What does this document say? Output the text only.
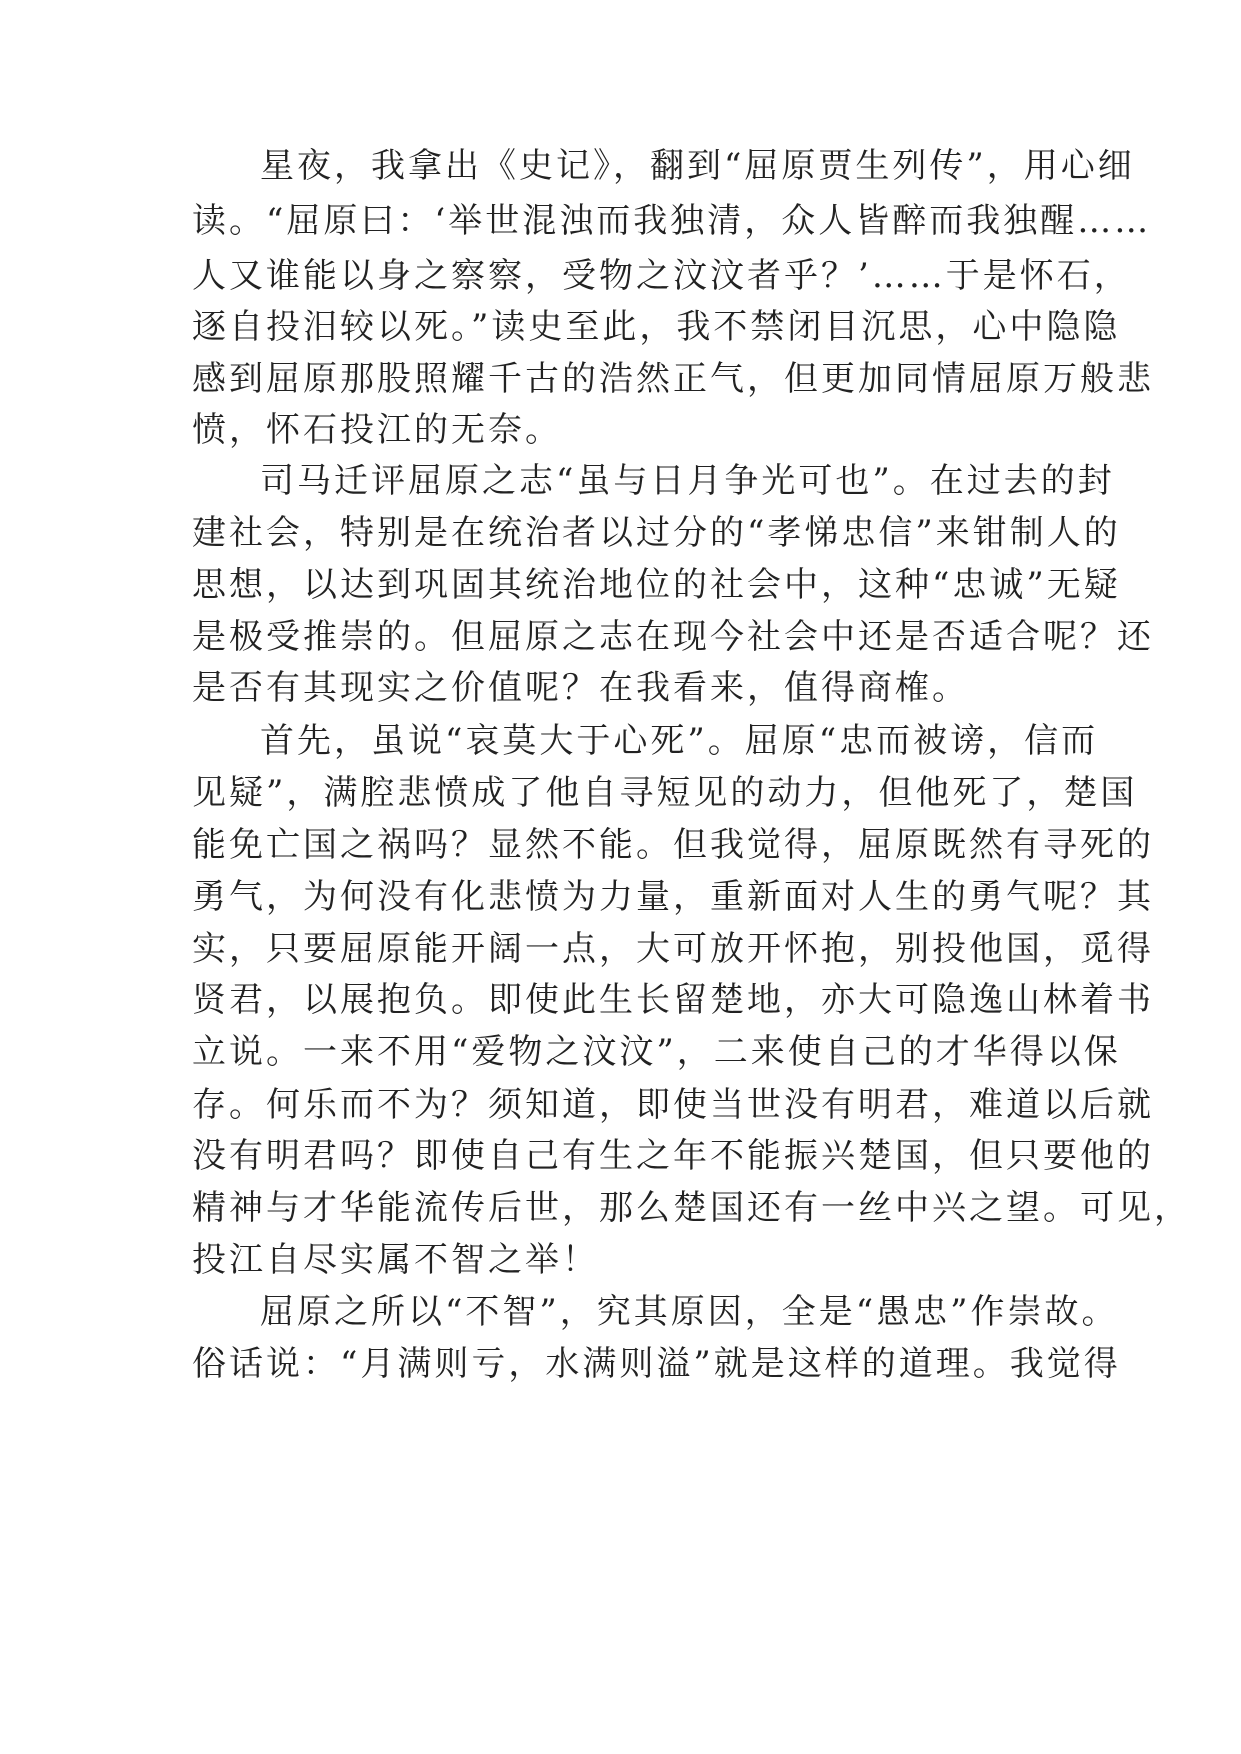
星夜，我拿出《史记》，翻到“屈原贾生列传”，用心细
读。“屈原曰：‘举世混浊而我独清，众人皆醉而我独醒……
人又谁能以身之察察，受物之汶汶者乎？’……于是怀石，
逐自投汨较以死。”读史至此，我不禁闭目沉思，心中隐隐
感到屈原那股照耀千古的浩然正气，但更加同情屈原万般悲
愤，怀石投江的无奈。
司马迁评屈原之志“虽与日月争光可也”。在过去的封
建社会，特别是在统治者以过分的“孝悌忠信”来钳制人的
思想，以达到巩固其统治地位的社会中，这种“忠诚”无疑
是极受推崇的。但屈原之志在现今社会中还是否适合呢？还
是否有其现实之价值呢？在我看来，值得商榷。
首先，虽说“哀莫大于心死”。屈原“忠而被谤，信而
见疑”，满腔悲愤成了他自寻短见的动力，但他死了，楚国
能免亡国之祸吗？显然不能。但我觉得，屈原既然有寻死的
勇气，为何没有化悲愤为力量，重新面对人生的勇气呢？其
实，只要屈原能开阔一点，大可放开怀抱，别投他国，觅得
贤君，以展抱负。即使此生长留楚地，亦大可隐逸山林着书
立说。一来不用“爱物之汶汶”，二来使自己的才华得以保
存。何乐而不为？须知道，即使当世没有明君，难道以后就
没有明君吗？即使自己有生之年不能振兴楚国，但只要他的
精神与才华能流传后世，那么楚国还有一丝中兴之望。可见，
投江自尽实属不智之举！
屈原之所以“不智”，究其原因，全是“愚忠”作崇故。
俗话说：“月满则亏，水满则溢”就是这样的道理。我觉得
